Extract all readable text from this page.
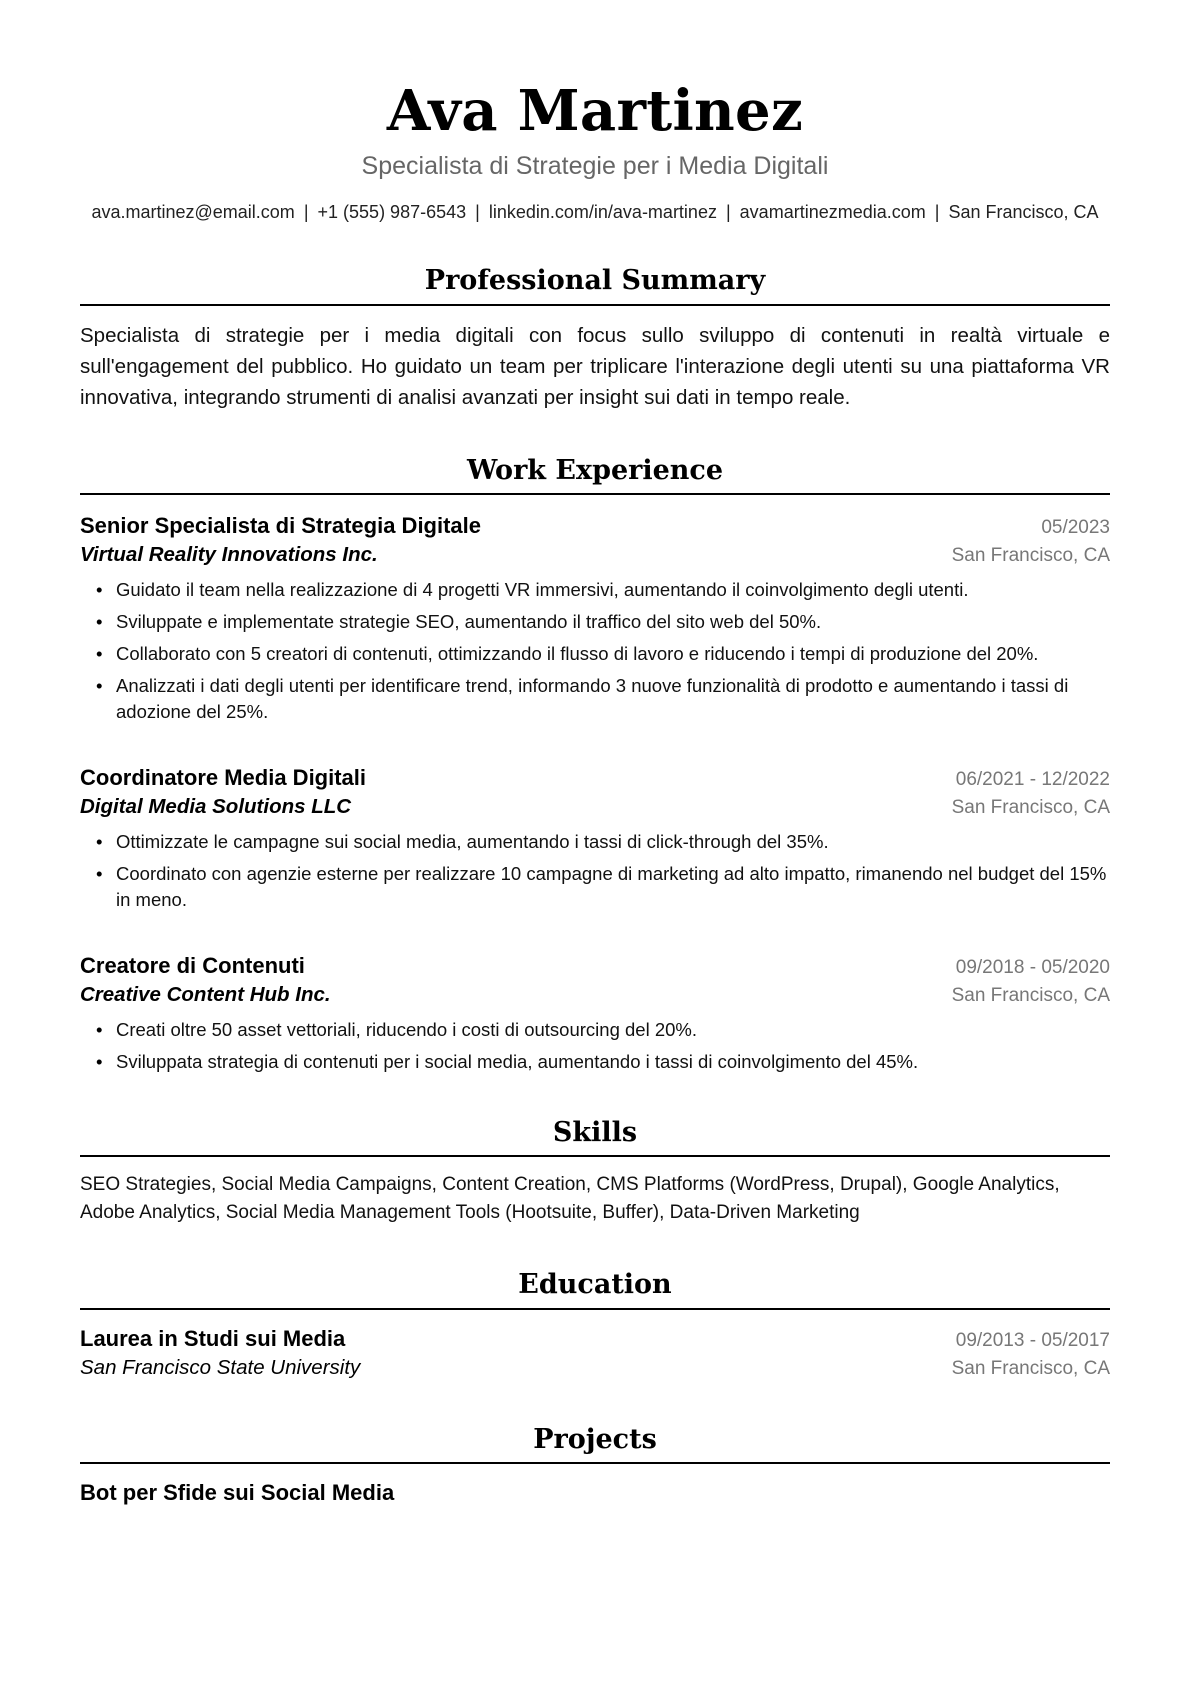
Ava Martinez
Specialista di Strategie per i Media Digitali
ava.martinez@email.com | +1 (555) 987-6543 | linkedin.com/in/ava-martinez | avamartinezmedia.com | San Francisco, CA
Professional Summary
Specialista di strategie per i media digitali con focus sullo sviluppo di contenuti in realtà virtuale e sull'engagement del pubblico. Ho guidato un team per triplicare l'interazione degli utenti su una piattaforma VR innovativa, integrando strumenti di analisi avanzati per insight sui dati in tempo reale.
Work Experience
Senior Specialista di Strategia Digitale	05/2023
Virtual Reality Innovations Inc.	San Francisco, CA
• Guidato il team nella realizzazione di 4 progetti VR immersivi, aumentando il coinvolgimento degli utenti.
• Sviluppate e implementate strategie SEO, aumentando il traffico del sito web del 50%.
• Collaborato con 5 creatori di contenuti, ottimizzando il flusso di lavoro e riducendo i tempi di produzione del 20%.
• Analizzati i dati degli utenti per identificare trend, informando 3 nuove funzionalità di prodotto e aumentando i tassi di adozione del 25%.
Coordinatore Media Digitali	06/2021 - 12/2022
Digital Media Solutions LLC	San Francisco, CA
• Ottimizzate le campagne sui social media, aumentando i tassi di click-through del 35%.
• Coordinato con agenzie esterne per realizzare 10 campagne di marketing ad alto impatto, rimanendo nel budget del 15% in meno.
Creatore di Contenuti	09/2018 - 05/2020
Creative Content Hub Inc.	San Francisco, CA
• Creati oltre 50 asset vettoriali, riducendo i costi di outsourcing del 20%.
• Sviluppata strategia di contenuti per i social media, aumentando i tassi di coinvolgimento del 45%.
Skills
SEO Strategies, Social Media Campaigns, Content Creation, CMS Platforms (WordPress, Drupal), Google Analytics, Adobe Analytics, Social Media Management Tools (Hootsuite, Buffer), Data-Driven Marketing
Education
Laurea in Studi sui Media	09/2013 - 05/2017
San Francisco State University	San Francisco, CA
Projects
Bot per Sfide sui Social Media
